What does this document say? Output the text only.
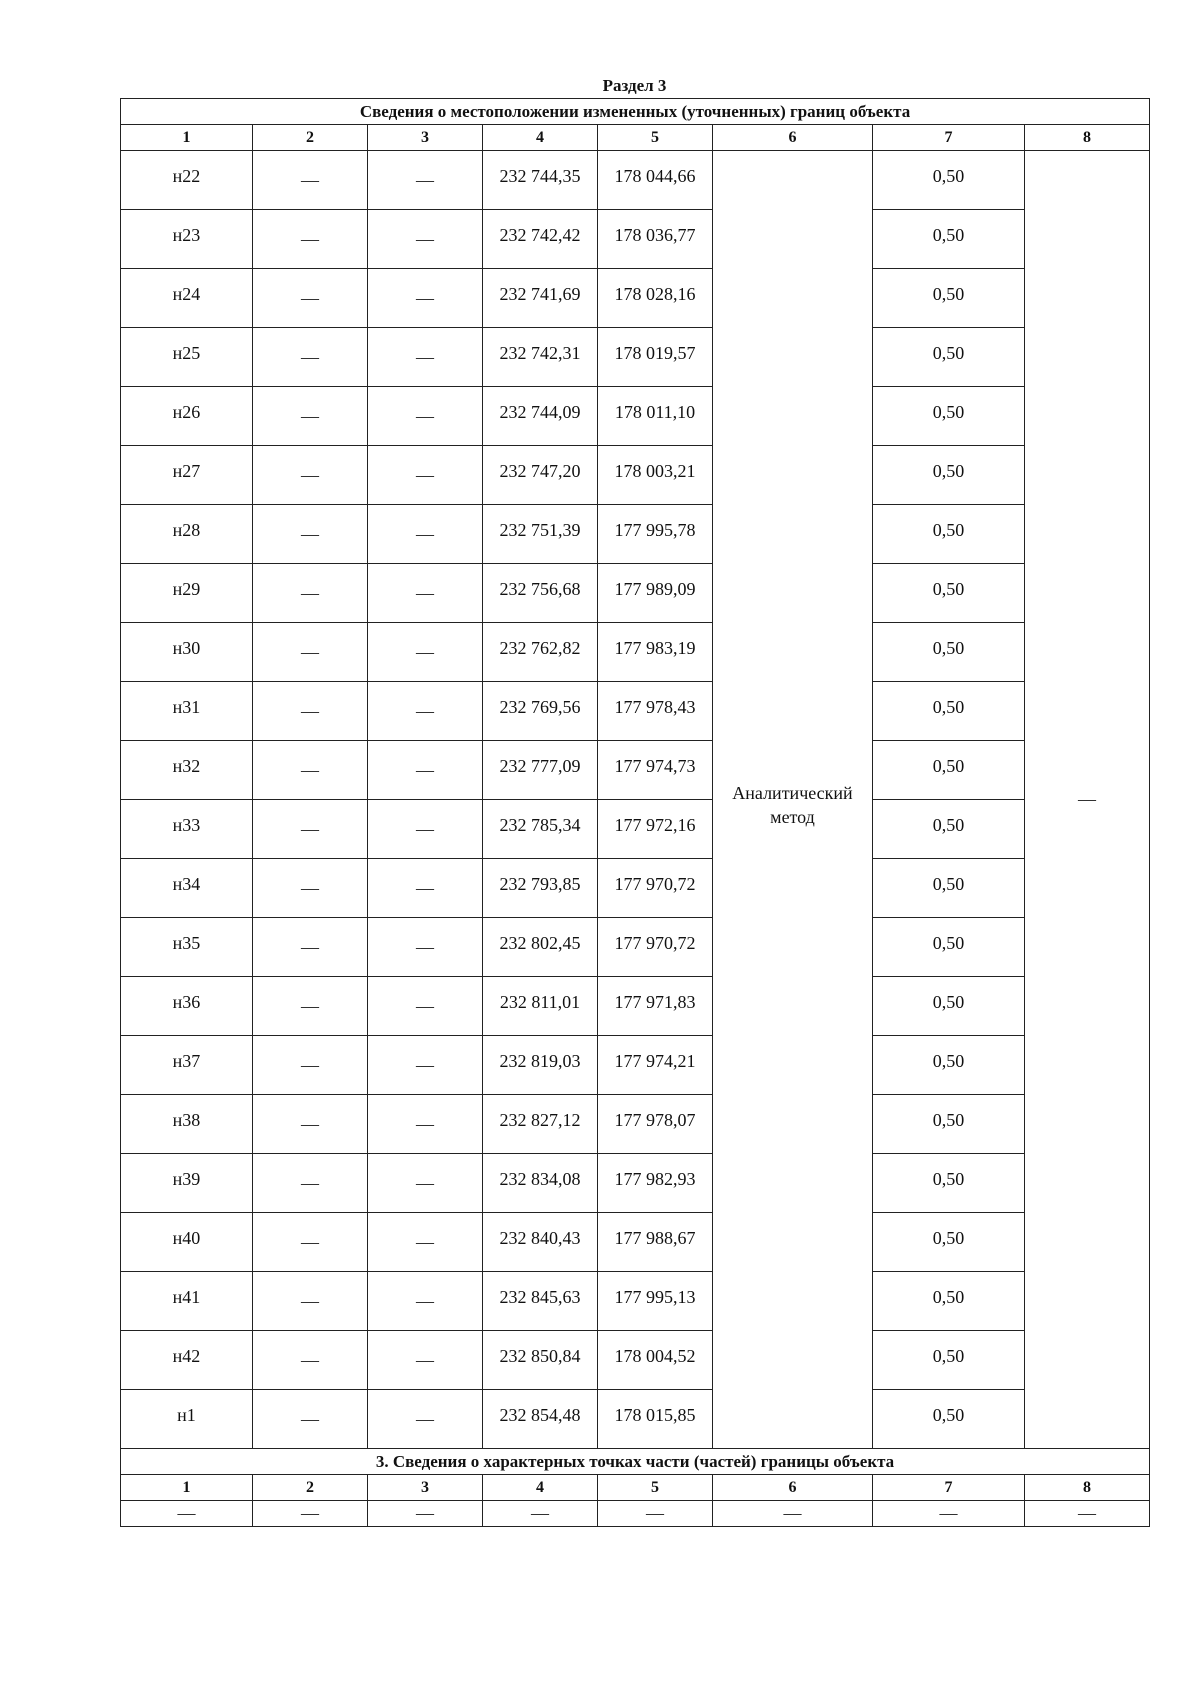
Раздел 3
Сведения о местоположении измененных (уточненных) границ объекта							
1	2	3	4	5	6	7	8
н22	—	—	232 744,35	178 044,66	Аналитический метод	0,50	—
н23	—	—	232 742,42	178 036,77		0,50	
н24	—	—	232 741,69	178 028,16		0,50	
н25	—	—	232 742,31	178 019,57		0,50	
н26	—	—	232 744,09	178 011,10		0,50	
н27	—	—	232 747,20	178 003,21		0,50	
н28	—	—	232 751,39	177 995,78		0,50	
н29	—	—	232 756,68	177 989,09		0,50	
н30	—	—	232 762,82	177 983,19		0,50	
н31	—	—	232 769,56	177 978,43		0,50	
н32	—	—	232 777,09	177 974,73		0,50	
н33	—	—	232 785,34	177 972,16		0,50	
н34	—	—	232 793,85	177 970,72		0,50	
н35	—	—	232 802,45	177 970,72		0,50	
н36	—	—	232 811,01	177 971,83		0,50	
н37	—	—	232 819,03	177 974,21		0,50	
н38	—	—	232 827,12	177 978,07		0,50	
н39	—	—	232 834,08	177 982,93		0,50	
н40	—	—	232 840,43	177 988,67		0,50	
н41	—	—	232 845,63	177 995,13		0,50	
н42	—	—	232 850,84	178 004,52		0,50	
н1	—	—	232 854,48	178 015,85		0,50	
3. Сведения о характерных точках части (частей) границы объекта							
1	2	3	4	5	6	7	8
—	—	—	—	—	—	—	—
